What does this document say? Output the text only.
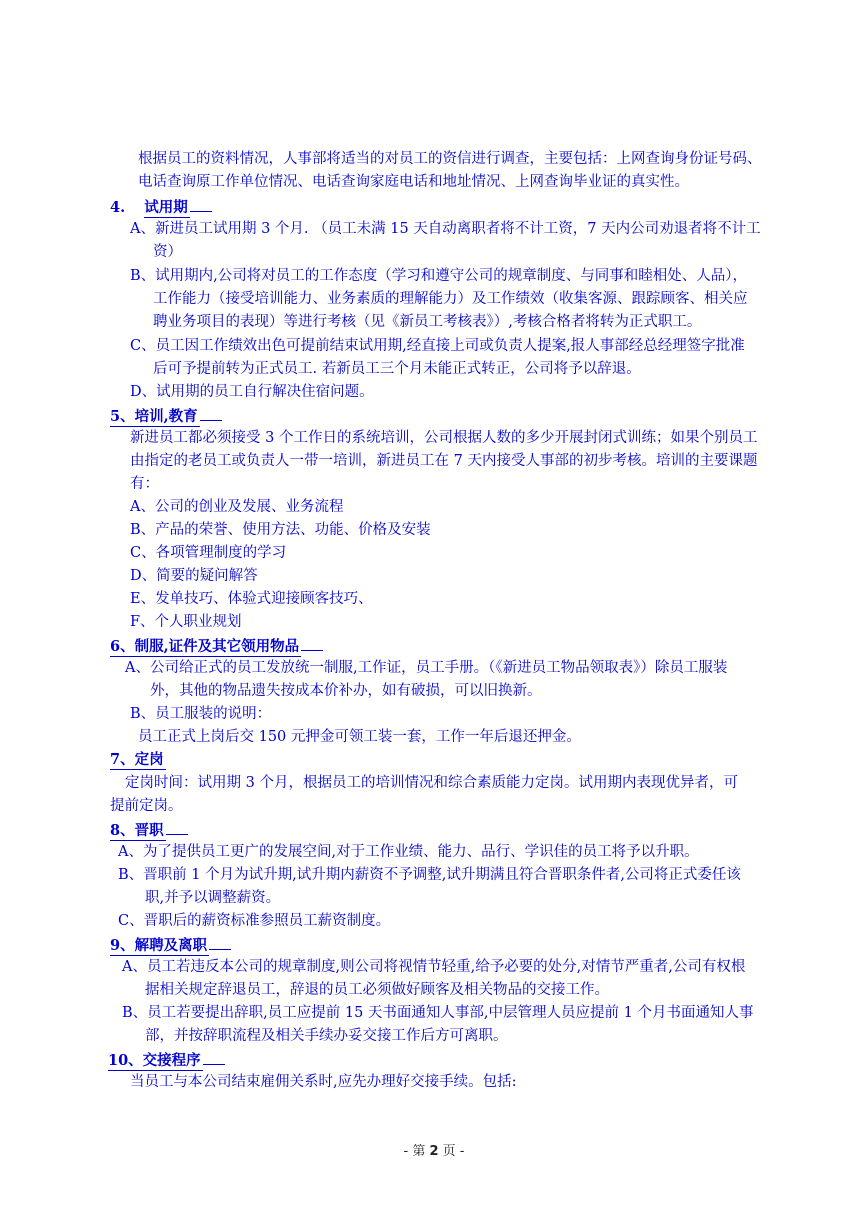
根据员工的资料情况，人事部将适当的对员工的资信进行调查，主要包括：上网查询身份证号码、
电话查询原工作单位情况、电话查询家庭电话和地址情况、上网查询毕业证的真实性。
4. 试用期
A、新进员工试用期 3 个月. （员工未满 15 天自动离职者将不计工资，7 天内公司劝退者将不计工
资）
B、试用期内,公司将对员工的工作态度（学习和遵守公司的规章制度、与同事和睦相处、人品），
工作能力（接受培训能力、业务素质的理解能力）及工作绩效（收集客源、跟踪顾客、相关应
聘业务项目的表现）等进行考核（见《新员工考核表》）,考核合格者将转为正式职工。
C、员工因工作绩效出色可提前结束试用期,经直接上司或负责人提案,报人事部经总经理签字批准
后可予提前转为正式员工. 若新员工三个月未能正式转正，公司将予以辞退。
D、试用期的员工自行解决住宿问题。
5、培训,教育
新进员工都必须接受 3 个工作日的系统培训，公司根据人数的多少开展封闭式训练；如果个别员工
由指定的老员工或负责人一带一培训，新进员工在 7 天内接受人事部的初步考核。培训的主要课题
有：
A、公司的创业及发展、业务流程
B、产品的荣誉、使用方法、功能、价格及安装
C、各项管理制度的学习
D、简要的疑问解答
E、发单技巧、体验式迎接顾客技巧、
F、个人职业规划
6、制服,证件及其它领用物品
A、公司给正式的员工发放统一制服,工作证，员工手册。（《新进员工物品领取表》）除员工服装
外，其他的物品遗失按成本价补办，如有破损，可以旧换新。
B、员工服装的说明：
员工正式上岗后交 150 元押金可领工装一套，工作一年后退还押金。
7、定岗
定岗时间：试用期 3 个月，根据员工的培训情况和综合素质能力定岗。试用期内表现优异者，可
提前定岗。
8、晋职
A、为了提供员工更广的发展空间,对于工作业绩、能力、品行、学识佳的员工将予以升职。
B、晋职前 1 个月为试升期,试升期内薪资不予调整,试升期满且符合晋职条件者,公司将正式委任该
职,并予以调整薪资。
C、晋职后的薪资标准参照员工薪资制度。
9、解聘及离职
A、员工若违反本公司的规章制度,则公司将视情节轻重,给予必要的处分,对情节严重者,公司有权根
据相关规定辞退员工，辞退的员工必须做好顾客及相关物品的交接工作。
B、员工若要提出辞职,员工应提前 15 天书面通知人事部,中层管理人员应提前 1 个月书面通知人事
部，并按辞职流程及相关手续办妥交接工作后方可离职。
10、交接程序
当员工与本公司结束雇佣关系时,应先办理好交接手续。包括:
- 第 2 页 -
